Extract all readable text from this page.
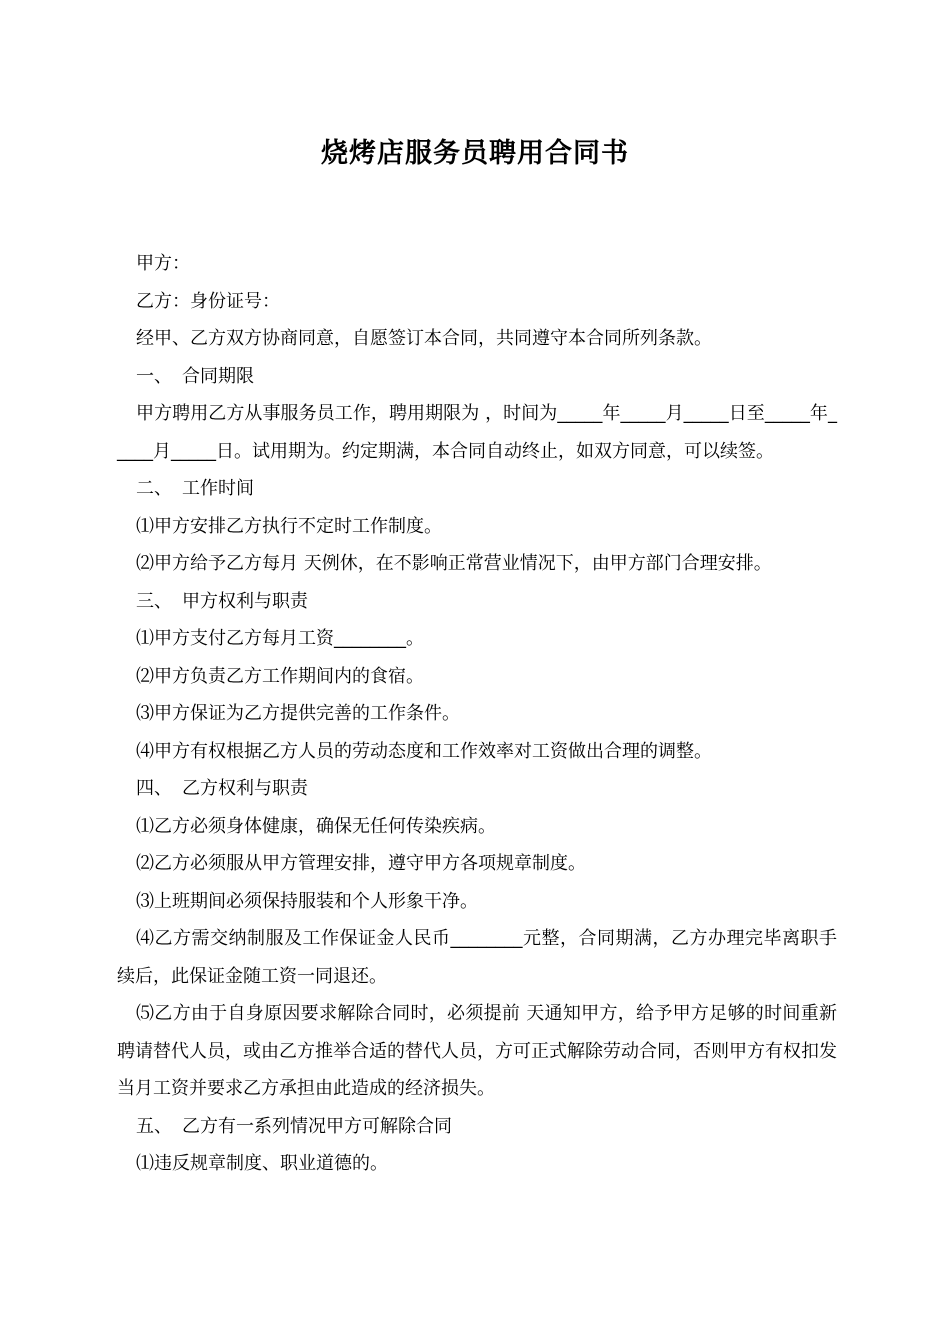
烧烤店服务员聘用合同书

甲方：

乙方：身份证号：

经甲、乙方双方协商同意，自愿签订本合同，共同遵守本合同所列条款。

一、 合同期限

甲方聘用乙方从事服务员工作，聘用期限为 ，时间为_____年_____月_____日至_____年_____月_____日。试用期为。约定期满，本合同自动终止，如双方同意，可以续签。

二、 工作时间

⑴甲方安排乙方执行不定时工作制度。

⑵甲方给予乙方每月 天例休，在不影响正常营业情况下，由甲方部门合理安排。

三、 甲方权利与职责

⑴甲方支付乙方每月工资________。

⑵甲方负责乙方工作期间内的食宿。

⑶甲方保证为乙方提供完善的工作条件。

⑷甲方有权根据乙方人员的劳动态度和工作效率对工资做出合理的调整。

四、 乙方权利与职责

⑴乙方必须身体健康，确保无任何传染疾病。

⑵乙方必须服从甲方管理安排，遵守甲方各项规章制度。

⑶上班期间必须保持服装和个人形象干净。

⑷乙方需交纳制服及工作保证金人民币________元整，合同期满，乙方办理完毕离职手续后，此保证金随工资一同退还。

⑸乙方由于自身原因要求解除合同时，必须提前 天通知甲方，给予甲方足够的时间重新聘请替代人员，或由乙方推举合适的替代人员，方可正式解除劳动合同，否则甲方有权扣发当月工资并要求乙方承担由此造成的经济损失。

五、 乙方有一系列情况甲方可解除合同

⑴违反规章制度、职业道德的。
